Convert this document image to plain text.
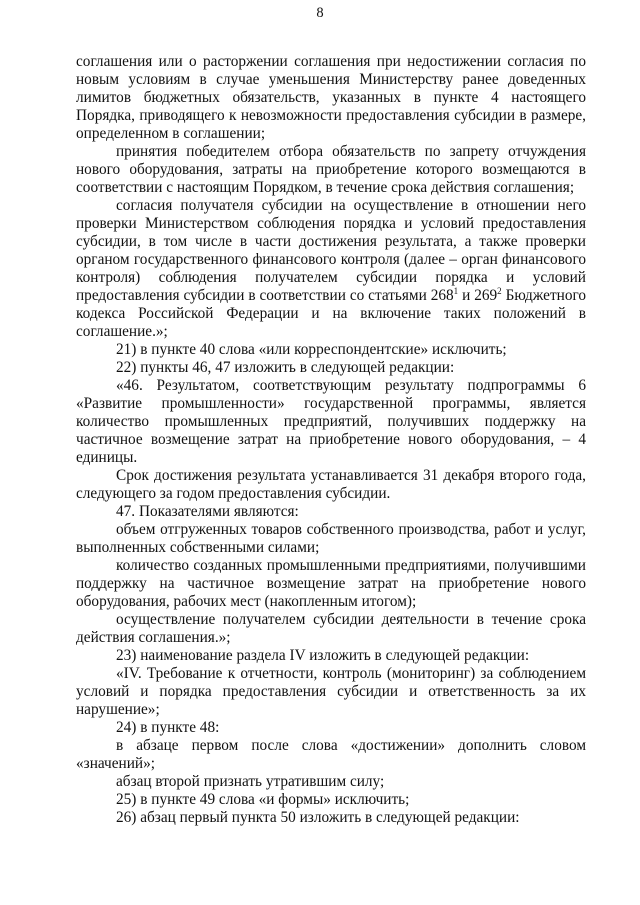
8

соглашения или о расторжении соглашения при недостижении согласия по новым условиям в случае уменьшения Министерству ранее доведенных лимитов бюджетных обязательств, указанных в пункте 4 настоящего Порядка, приводящего к невозможности предоставления субсидии в размере, определенном в соглашении;

принятия победителем отбора обязательств по запрету отчуждения нового оборудования, затраты на приобретение которого возмещаются в соответствии с настоящим Порядком, в течение срока действия соглашения;

согласия получателя субсидии на осуществление в отношении него проверки Министерством соблюдения порядка и условий предоставления субсидии, в том числе в части достижения результата, а также проверки органом государственного финансового контроля (далее – орган финансового контроля) соблюдения получателем субсидии порядка и условий предоставления субсидии в соответствии со статьями $268^1$ и $269^2$ Бюджетного кодекса Российской Федерации и на включение таких положений в соглашение.»;

21) в пункте 40 слова «или корреспондентские» исключить;

22) пункты 46, 47 изложить в следующей редакции:

«46. Результатом, соответствующим результату подпрограммы 6 «Развитие промышленности» государственной программы, является количество промышленных предприятий, получивших поддержку на частичное возмещение затрат на приобретение нового оборудования, – 4 единицы.

Срок достижения результата устанавливается 31 декабря второго года, следующего за годом предоставления субсидии.

47. Показателями являются:

объем отгруженных товаров собственного производства, работ и услуг, выполненных собственными силами;

количество созданных промышленными предприятиями, получившими поддержку на частичное возмещение затрат на приобретение нового оборудования, рабочих мест (накопленным итогом);

осуществление получателем субсидии деятельности в течение срока действия соглашения.»;

23) наименование раздела IV изложить в следующей редакции:

«IV. Требование к отчетности, контроль (мониторинг) за соблюдением условий и порядка предоставления субсидии и ответственность за их нарушение»;

24) в пункте 48:

в абзаце первом после слова «достижении» дополнить словом «значений»;

абзац второй признать утратившим силу;

25) в пункте 49 слова «и формы» исключить;

26) абзац первый пункта 50 изложить в следующей редакции:
